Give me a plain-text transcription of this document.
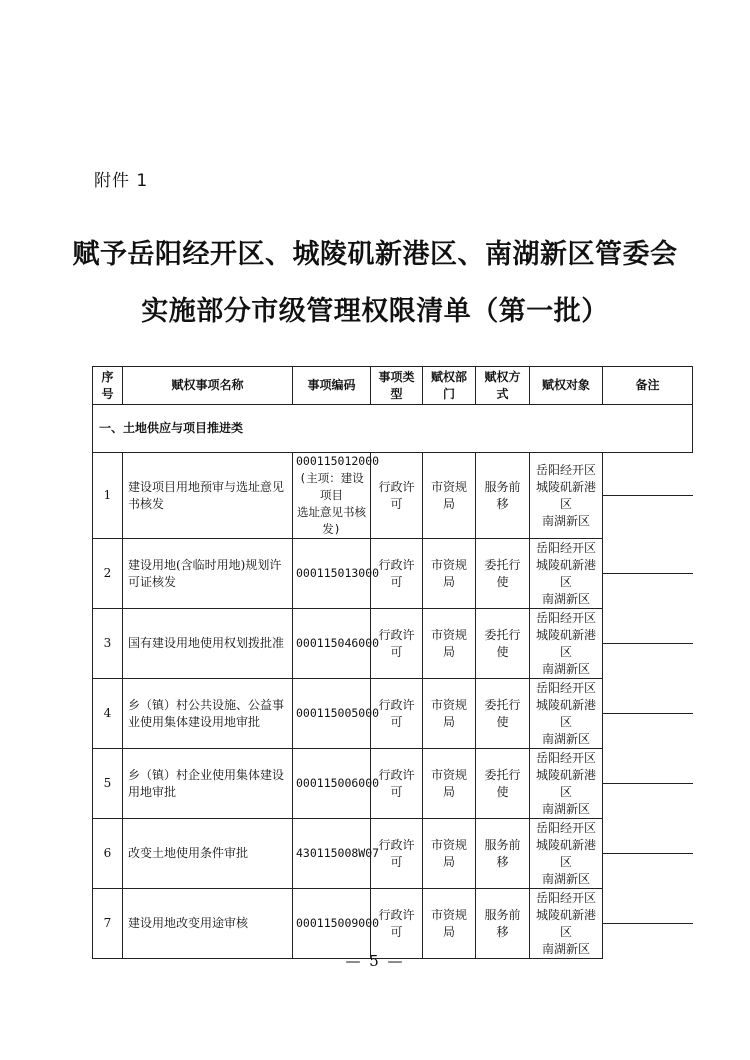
附件 1
赋予岳阳经开区、城陵矶新港区、南湖新区管委会
实施部分市级管理权限清单（第一批）
序号	赋权事项名称	事项编码	事项类型	赋权部门	赋权方式	赋权对象	备注
一、土地供应与项目推进类							
1	建设项目用地预审与选址意见书核发	000115012000
(主项：建设项目
选址意见书核发)	行政许可	市资规局	服务前移	岳阳经开区
城陵矶新港区
南湖新区	

2	建设用地(含临时用地)规划许可证核发	000115013000	行政许可	市资规局	委托行使	岳阳经开区
城陵矶新港区
南湖新区	

3	国有建设用地使用权划拨批准	000115046000	行政许可	市资规局	委托行使	岳阳经开区
城陵矶新港区
南湖新区	

4	乡（镇）村公共设施、公益事业使用集体建设用地审批	000115005000	行政许可	市资规局	委托行使	岳阳经开区
城陵矶新港区
南湖新区	

5	乡（镇）村企业使用集体建设用地审批	000115006000	行政许可	市资规局	委托行使	岳阳经开区
城陵矶新港区
南湖新区	

6	改变土地使用条件审批	430115008W07	行政许可	市资规局	服务前移	岳阳经开区
城陵矶新港区
南湖新区	

7	建设用地改变用途审核	000115009000	行政许可	市资规局	服务前移	岳阳经开区
城陵矶新港区
南湖新区	

— 5 —
